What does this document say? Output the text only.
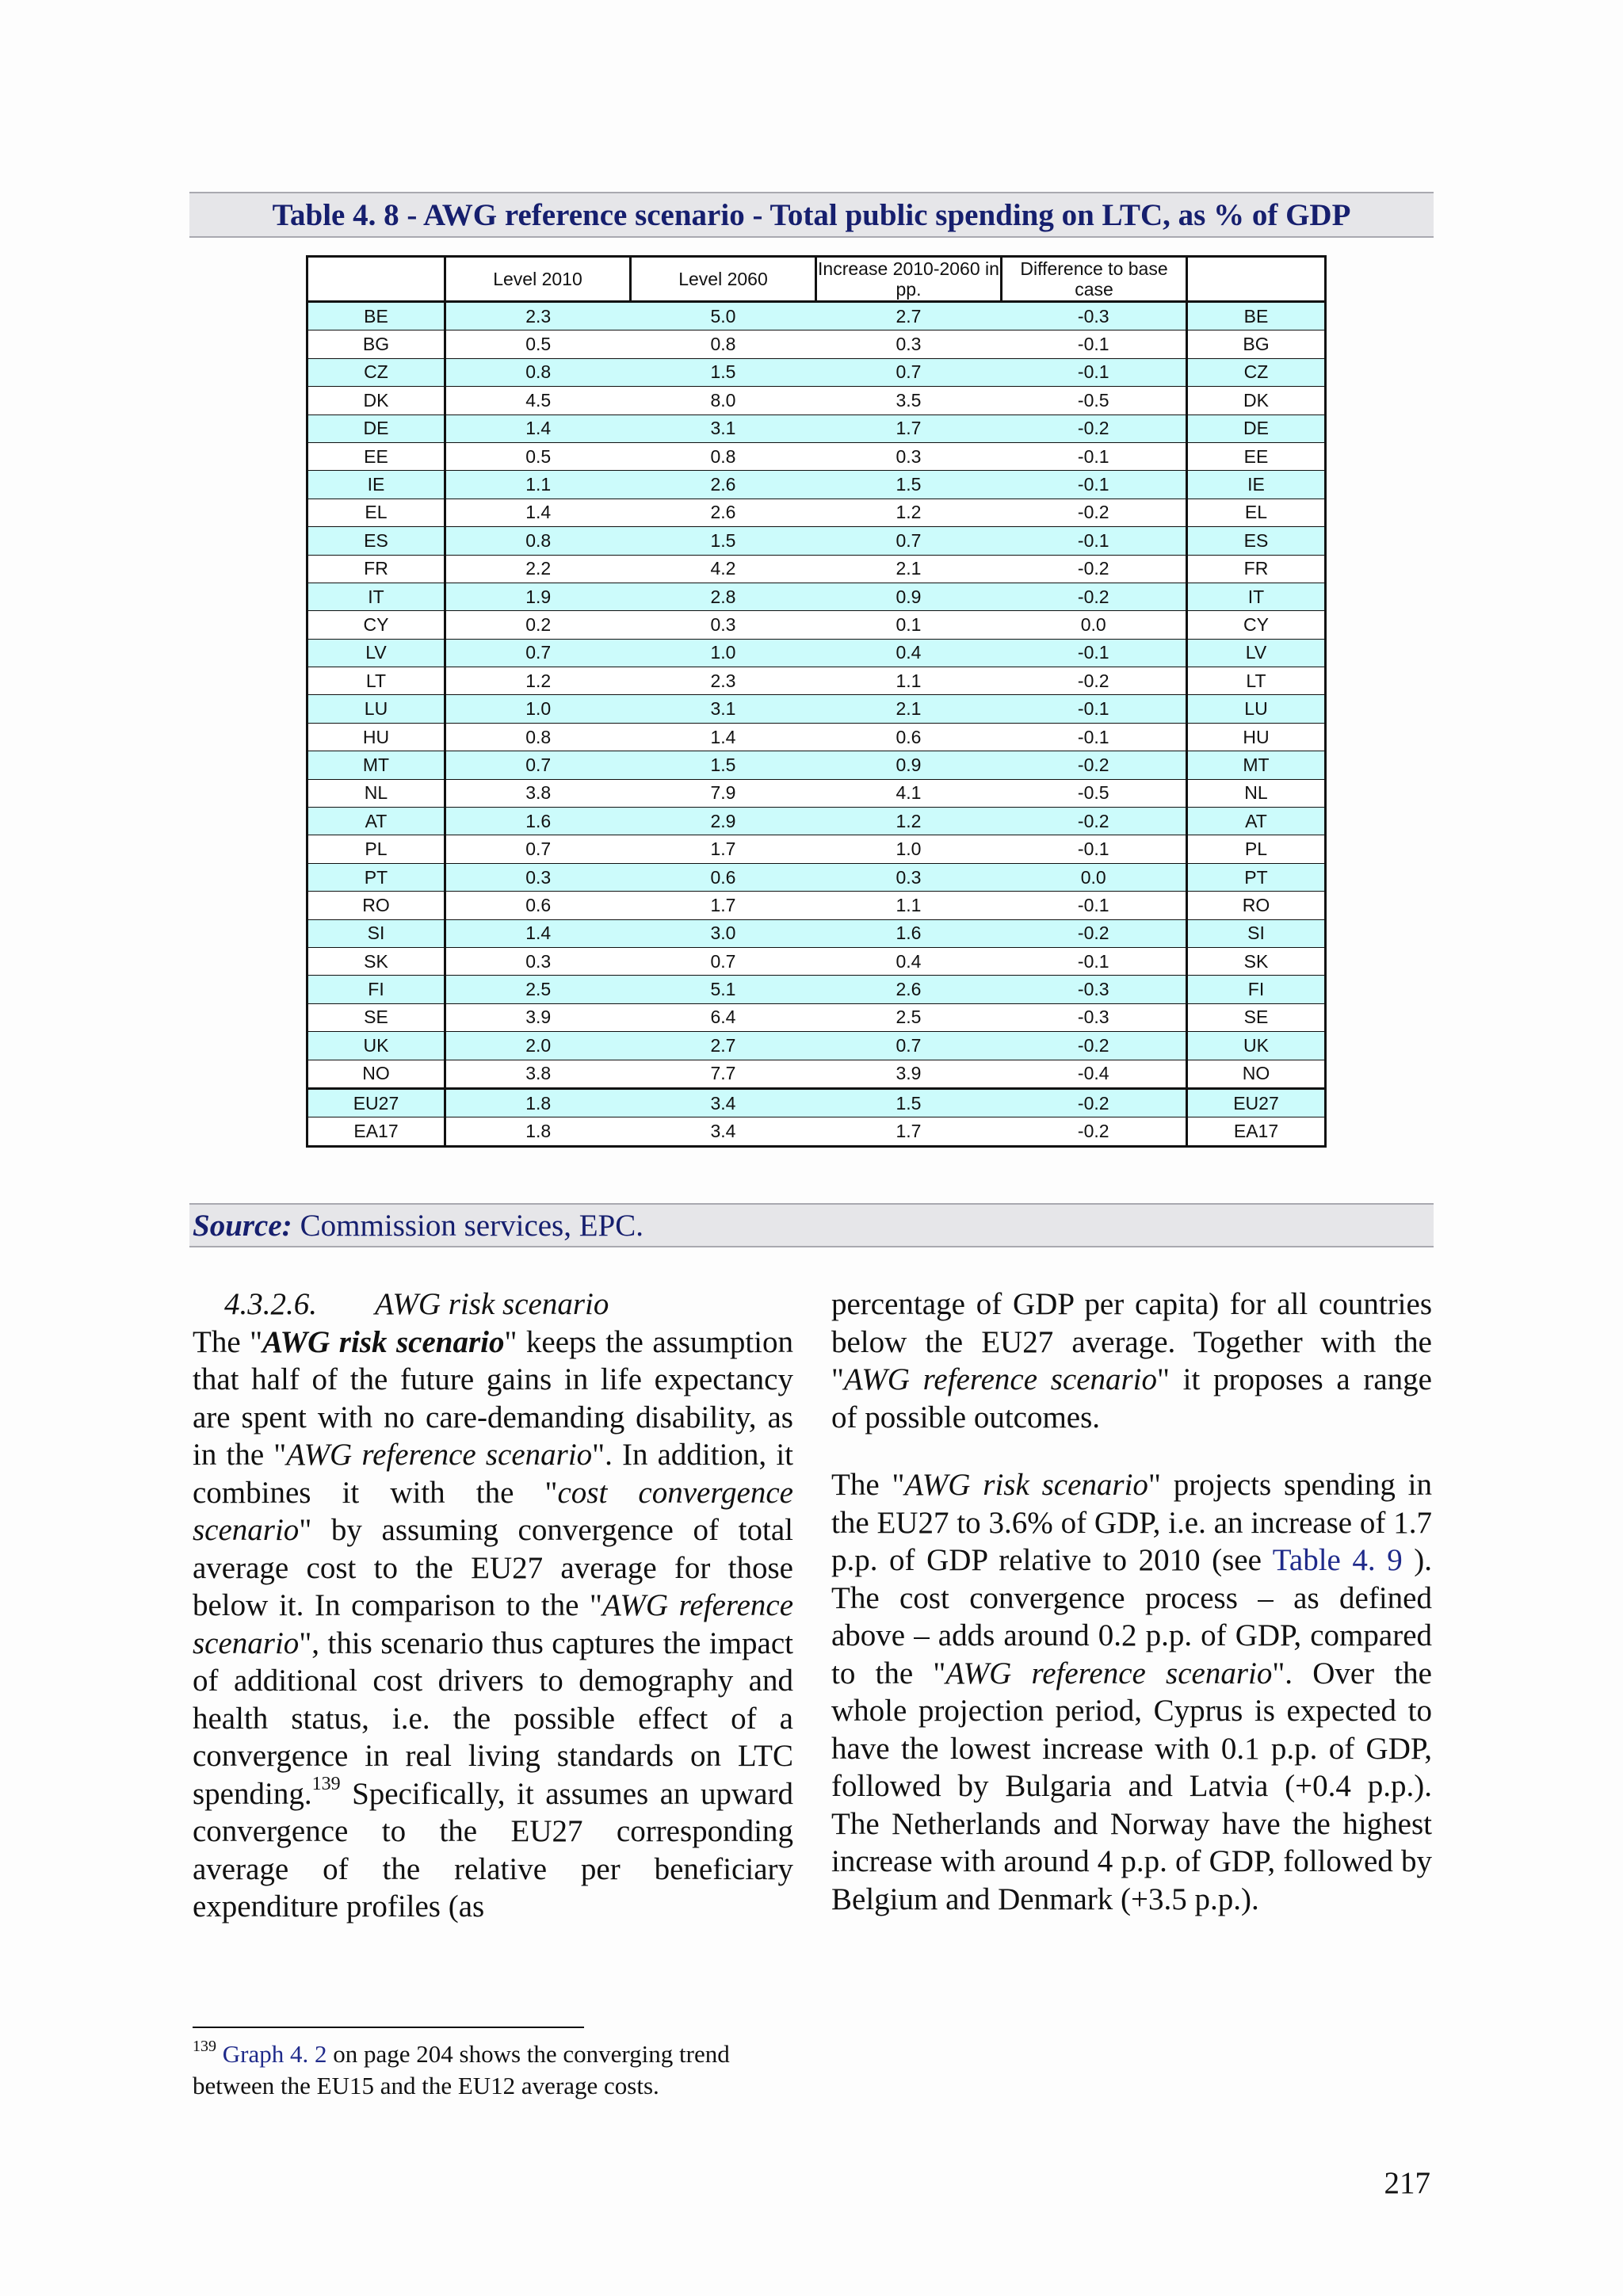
Table 4. 8 - AWG reference scenario - Total public spending on LTC, as % of GDP
	Level 2010	Level 2060	Increase 2010-2060 in pp.	Difference to base case	
BE	2.3	5.0	2.7	-0.3	BE
BG	0.5	0.8	0.3	-0.1	BG
CZ	0.8	1.5	0.7	-0.1	CZ
DK	4.5	8.0	3.5	-0.5	DK
DE	1.4	3.1	1.7	-0.2	DE
EE	0.5	0.8	0.3	-0.1	EE
IE	1.1	2.6	1.5	-0.1	IE
EL	1.4	2.6	1.2	-0.2	EL
ES	0.8	1.5	0.7	-0.1	ES
FR	2.2	4.2	2.1	-0.2	FR
IT	1.9	2.8	0.9	-0.2	IT
CY	0.2	0.3	0.1	0.0	CY
LV	0.7	1.0	0.4	-0.1	LV
LT	1.2	2.3	1.1	-0.2	LT
LU	1.0	3.1	2.1	-0.1	LU
HU	0.8	1.4	0.6	-0.1	HU
MT	0.7	1.5	0.9	-0.2	MT
NL	3.8	7.9	4.1	-0.5	NL
AT	1.6	2.9	1.2	-0.2	AT
PL	0.7	1.7	1.0	-0.1	PL
PT	0.3	0.6	0.3	0.0	PT
RO	0.6	1.7	1.1	-0.1	RO
SI	1.4	3.0	1.6	-0.2	SI
SK	0.3	0.7	0.4	-0.1	SK
FI	2.5	5.1	2.6	-0.3	FI
SE	3.9	6.4	2.5	-0.3	SE
UK	2.0	2.7	0.7	-0.2	UK
NO	3.8	7.7	3.9	-0.4	NO
EU27	1.8	3.4	1.5	-0.2	EU27
EA17	1.8	3.4	1.7	-0.2	EA17
Source: Commission services, EPC.

4.3.2.6. AWG risk scenario

The "AWG risk scenario" keeps the assumption that half of the future gains in life expectancy are spent with no care-demanding disability, as in the "AWG reference scenario". In addition, it combines it with the "cost convergence scenario" by assuming convergence of total average cost to the EU27 average for those below it. In comparison to the "AWG reference scenario", this scenario thus captures the impact of additional cost drivers to demography and health status, i.e. the possible effect of a convergence in real living standards on LTC spending.$^{139}$ Specifically, it assumes an upward convergence to the EU27 corresponding average of the relative per beneficiary expenditure profiles (as

percentage of GDP per capita) for all countries below the EU27 average. Together with the "AWG reference scenario" it proposes a range of possible outcomes.

The "AWG risk scenario" projects spending in the EU27 to 3.6% of GDP, i.e. an increase of 1.7 p.p. of GDP relative to 2010 (see Table 4. 9 ). The cost convergence process – as defined above – adds around 0.2 p.p. of GDP, compared to the "AWG reference scenario". Over the whole projection period, Cyprus is expected to have the lowest increase with 0.1 p.p. of GDP, followed by Bulgaria and Latvia (+0.4 p.p.). The Netherlands and Norway have the highest increase with around 4 p.p. of GDP, followed by Belgium and Denmark (+3.5 p.p.).

$^{139}$ Graph 4. 2 on page 204 shows the converging trend between the EU15 and the EU12 average costs.
217
